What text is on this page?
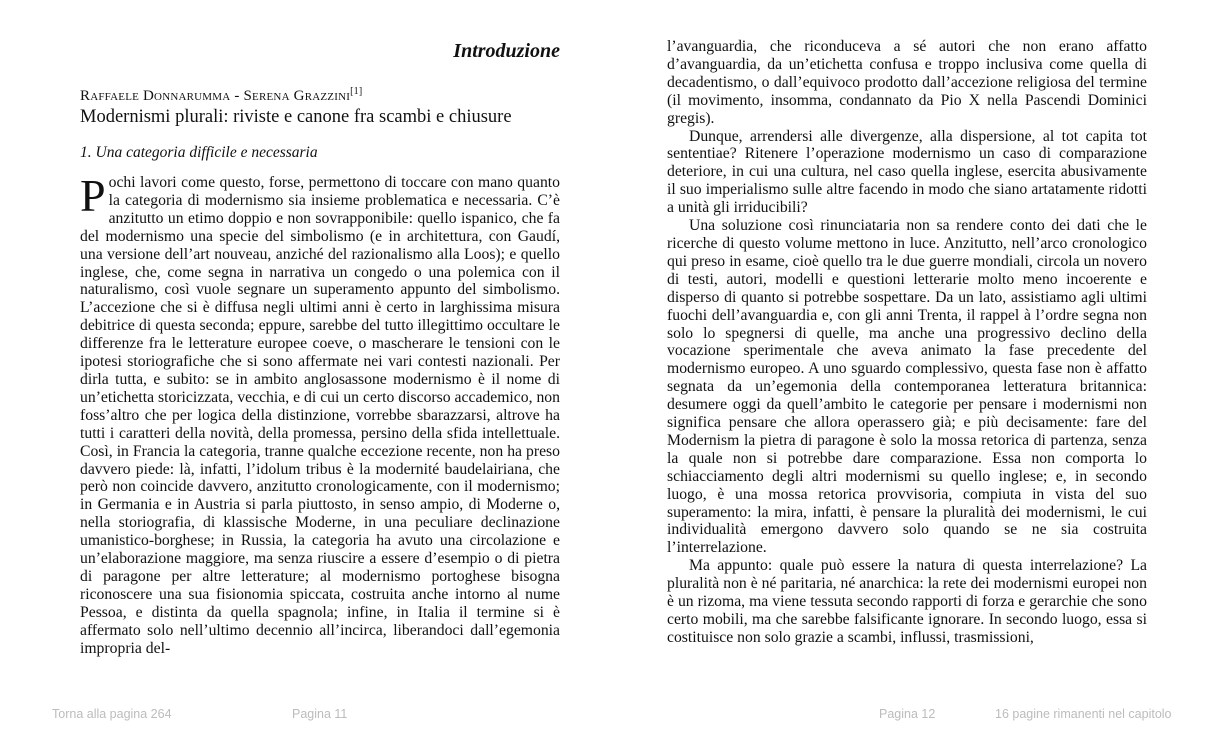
Introduzione
Raffaele Donnarumma - Serena Grazzini[1]
Modernismi plurali: riviste e canone fra scambi e chiusure
1. Una categoria difficile e necessaria

Pochi lavori come questo, forse, permettono di toccare con mano quanto la categoria di modernismo sia insieme problematica e necessaria. C’è anzitutto un etimo doppio e non sovrapponibile: quello ispanico, che fa del modernismo una specie del simbolismo (e in architettura, con Gaudí, una versione dell’art nouveau, anziché del razionalismo alla Loos); e quello inglese, che, come segna in narrativa un congedo o una polemica con il naturalismo, così vuole segnare un superamento appunto del simbolismo. L’accezione che si è diffusa negli ultimi anni è certo in larghissima misura debitrice di questa seconda; eppure, sarebbe del tutto illegittimo occultare le differenze fra le letterature europee coeve, o mascherare le tensioni con le ipotesi storiografiche che si sono affermate nei vari contesti nazionali. Per dirla tutta, e subito: se in ambito anglosassone modernismo è il nome di un’etichetta storicizzata, vecchia, e di cui un certo discorso accademico, non foss’altro che per logica della distinzione, vorrebbe sbarazzarsi, altrove ha tutti i caratteri della novità, della promessa, persino della sfida intellettuale. Così, in Francia la categoria, tranne qualche eccezione recente, non ha preso davvero piede: là, infatti, l’idolum tribus è la modernité baudelairiana, che però non coincide davvero, anzitutto cronologicamente, con il modernismo; in Germania e in Austria si parla piuttosto, in senso ampio, di Moderne o, nella storiografia, di klassische Moderne, in una peculiare declinazione umanistico-borghese; in Russia, la categoria ha avuto una circolazione e un’elaborazione maggiore, ma senza riuscire a essere d’esempio o di pietra di paragone per altre letterature; al modernismo portoghese bisogna riconoscere una sua fisionomia spiccata, costruita anche intorno al nume Pessoa, e distinta da quella spagnola; infine, in Italia il termine si è affermato solo nell’ultimo decennio all’incirca, liberandoci dall’egemonia impropria del-

l’avanguardia, che riconduceva a sé autori che non erano affatto d’avanguardia, da un’etichetta confusa e troppo inclusiva come quella di decadentismo, o dall’equivoco prodotto dall’accezione religiosa del termine (il movimento, insomma, condannato da Pio X nella Pascendi Dominici gregis).

Dunque, arrendersi alle divergenze, alla dispersione, al tot capita tot sententiae? Ritenere l’operazione modernismo un caso di comparazione deteriore, in cui una cultura, nel caso quella inglese, esercita abusivamente il suo imperialismo sulle altre facendo in modo che siano artatamente ridotti a unità gli irriducibili?

Una soluzione così rinunciataria non sa rendere conto dei dati che le ricerche di questo volume mettono in luce. Anzitutto, nell’arco cronologico qui preso in esame, cioè quello tra le due guerre mondiali, circola un novero di testi, autori, modelli e questioni letterarie molto meno incoerente e disperso di quanto si potrebbe sospettare. Da un lato, assistiamo agli ultimi fuochi dell’avanguardia e, con gli anni Trenta, il rappel à l’ordre segna non solo lo spegnersi di quelle, ma anche una progressivo declino della vocazione sperimentale che aveva animato la fase precedente del modernismo europeo. A uno sguardo complessivo, questa fase non è affatto segnata da un’egemonia della contemporanea letteratura britannica: desumere oggi da quell’ambito le categorie per pensare i modernismi non significa pensare che allora operassero già; e più decisamente: fare del Modernism la pietra di paragone è solo la mossa retorica di partenza, senza la quale non si potrebbe dare comparazione. Essa non comporta lo schiacciamento degli altri modernismi su quello inglese; e, in secondo luogo, è una mossa retorica provvisoria, compiuta in vista del suo superamento: la mira, infatti, è pensare la pluralità dei modernismi, le cui individualità emergono davvero solo quando se ne sia costruita l’interrelazione.

Ma appunto: quale può essere la natura di questa interrelazione? La pluralità non è né paritaria, né anarchica: la rete dei modernismi europei non è un rizoma, ma viene tessuta secondo rapporti di forza e gerarchie che sono certo mobili, ma che sarebbe falsificante ignorare. In secondo luogo, essa si costituisce non solo grazie a scambi, influssi, trasmissioni,

Torna alla pagina 264	Pagina 11	Pagina 12	16 pagine rimanenti nel capitolo
